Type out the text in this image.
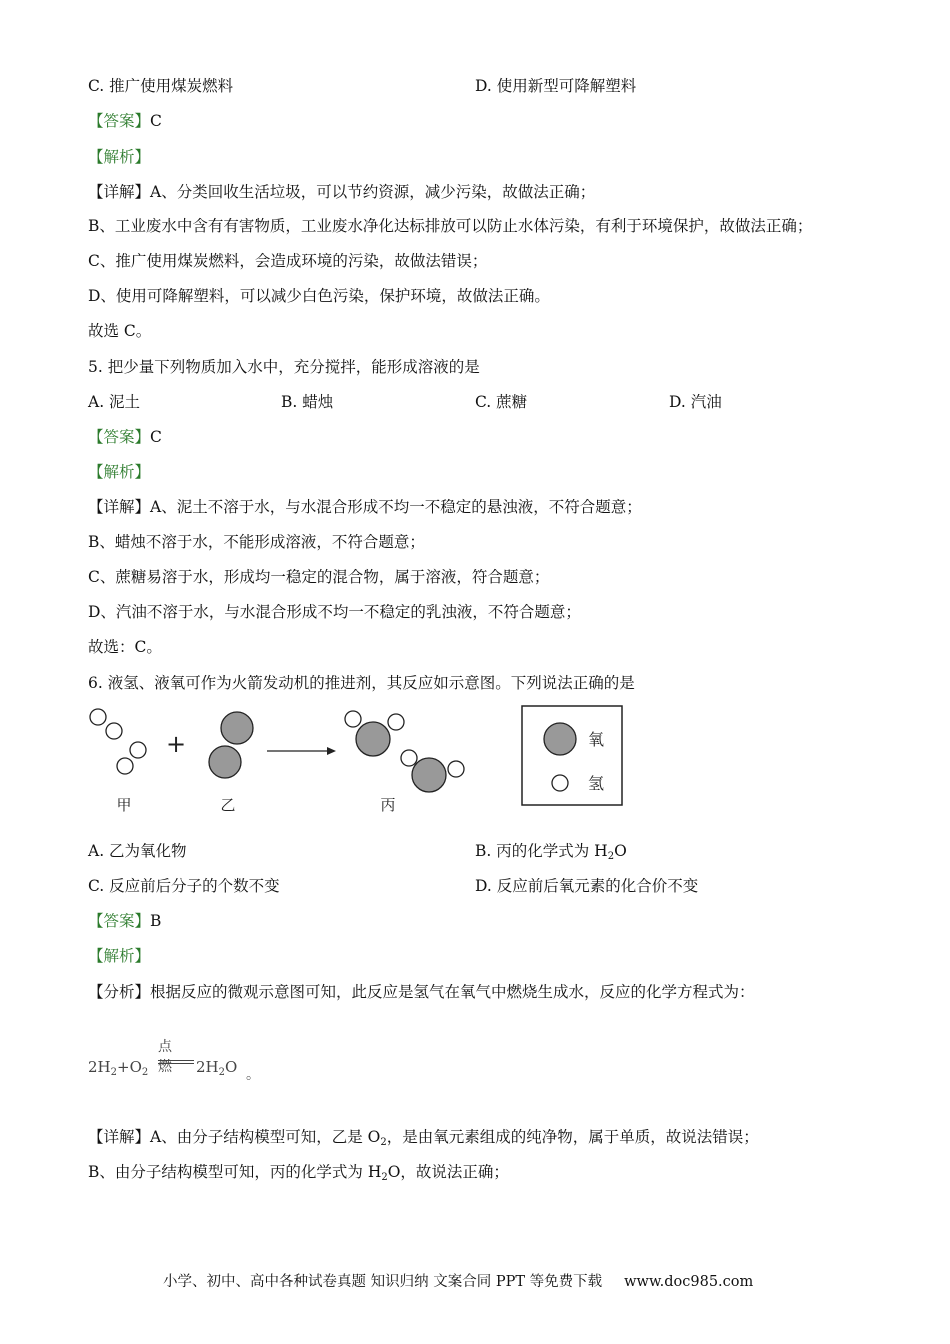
C. 推广使用煤炭燃料	D. 使用新型可降解塑料
【答案】C
【解析】
【详解】A、分类回收生活垃圾，可以节约资源，减少污染，故做法正确；
B、工业废水中含有有害物质，工业废水净化达标排放可以防止水体污染，有利于环境保护，故做法正确；
C、推广使用煤炭燃料，会造成环境的污染，故做法错误；
D、使用可降解塑料，可以减少白色污染，保护环境，故做法正确。
故选 C。
5. 把少量下列物质加入水中，充分搅拌，能形成溶液的是
A. 泥土	B. 蜡烛	C. 蔗糖	D. 汽油
【答案】C
【解析】
【详解】A、泥土不溶于水，与水混合形成不均一不稳定的悬浊液，不符合题意；
B、蜡烛不溶于水，不能形成溶液，不符合题意；
C、蔗糖易溶于水，形成均一稳定的混合物，属于溶液，符合题意；
D、汽油不溶于水，与水混合形成不均一不稳定的乳浊液，不符合题意；
故选：C。
6. 液氢、液氧可作为火箭发动机的推进剂，其反应如示意图。下列说法正确的是
+
甲	乙	丙
氧
氢
A. 乙为氧化物	B. 丙的化学式为 $H_2O$
C. 反应前后分子的个数不变	D. 反应前后氧元素的化合价不变
【答案】B
【解析】
【分析】根据反应的微观示意图可知，此反应是氢气在氧气中燃烧生成水，反应的化学方程式为：
点燃
$2H_2+O_2$	$2H_2O$ 。
【详解】A、由分子结构模型可知，乙是 $O_2$，是由氧元素组成的纯净物，属于单质，故说法错误；
B、由分子结构模型可知，丙的化学式为 $H_2O$，故说法正确；
小学、初中、高中各种试卷真题 知识归纳 文案合同 PPT 等免费下载 www.doc985.com
